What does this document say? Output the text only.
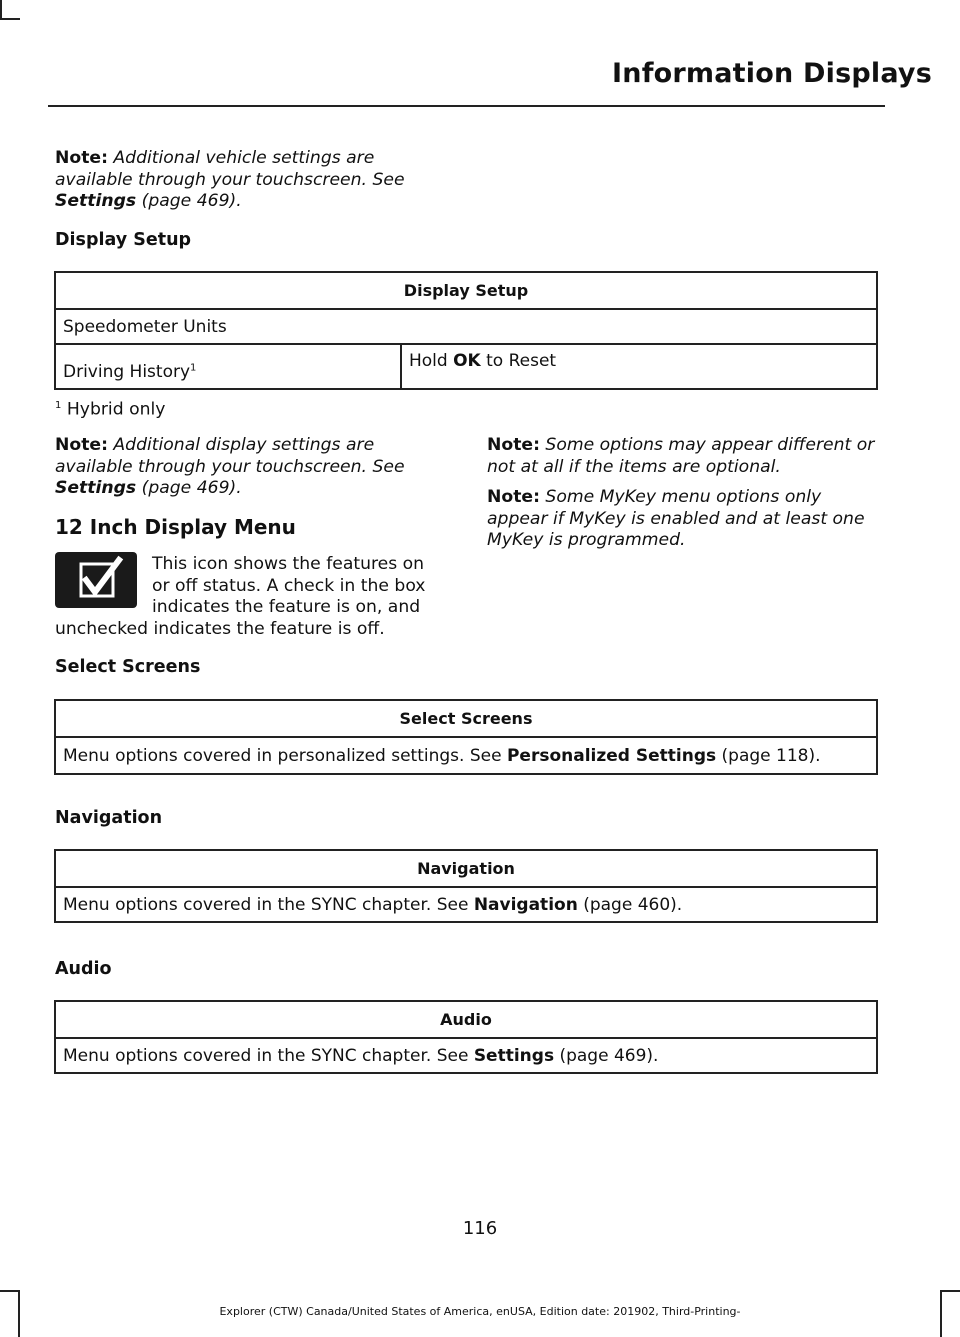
Information Displays

Note: Additional vehicle settings are available through your touchscreen. See Settings (page 469).

Display Setup
Display Setup
Speedometer Units
Driving History$^1$	Hold OK to Reset

$^1$ Hybrid only

Note: Additional display settings are available through your touchscreen. See Settings (page 469).

Note: Some options may appear different or not at all if the items are optional.

Note: Some MyKey menu options only appear if MyKey is enabled and at least one MyKey is programmed.

12 Inch Display Menu

This icon shows the features on
or off status. A check in the box
indicates the feature is on, and

unchecked indicates the feature is off.

Select Screens
Select Screens
Menu options covered in personalized settings. See Personalized Settings (page 118).
Navigation
Navigation
Menu options covered in the SYNC chapter. See Navigation (page 460).
Audio
Audio
Menu options covered in the SYNC chapter. See Settings (page 469).
116
Explorer (CTW) Canada/United States of America, enUSA, Edition date: 201902, Third-Printing-
